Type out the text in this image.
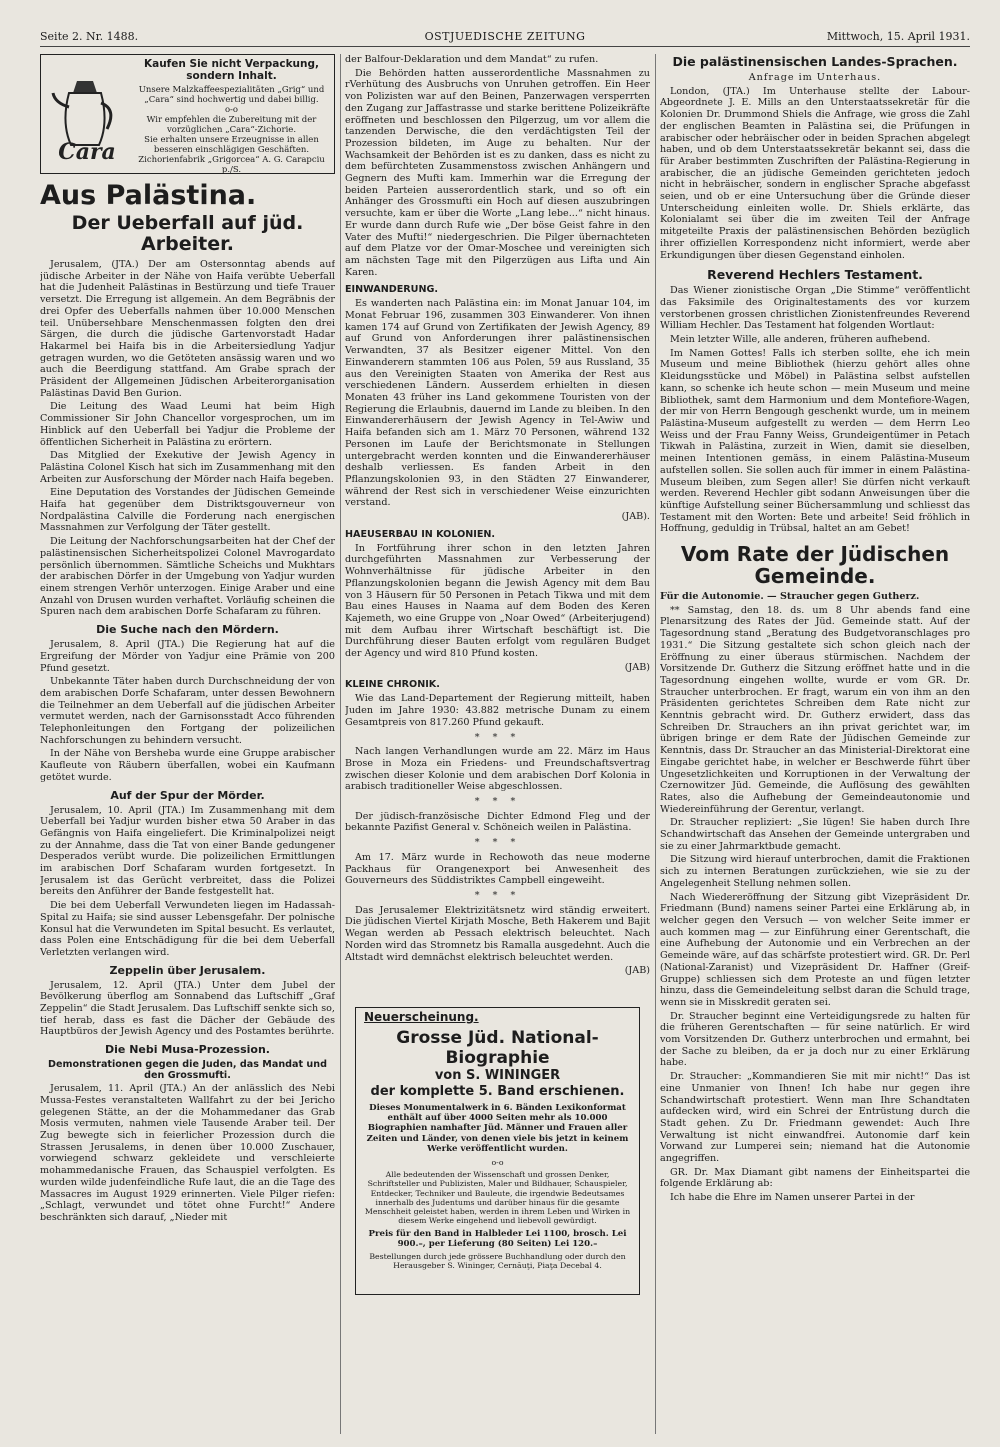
Seite 2. Nr. 1488.	OSTJUEDISCHE ZEITUNG	Mittwoch, 15. April 1931.
Cara
Kaufen Sie nicht Verpackung,
sondern Inhalt.
Unsere Malzkaffeespezialitäten „Grig“ und „Cara“ sind hochwertig und dabei billig.
o-o
Wir empfehlen die Zubereitung mit der vorzüglichen „Cara“-Zichorie.
Sie erhalten unsere Erzeugnisse in allen besseren einschlägigen Geschäften.
Zichorienfabrik „Grigorcea“ A. G. Carapciu p./S.
Aus Palästina.
Der Ueberfall auf jüd. Arbeiter.

Jerusalem, (JTA.) Der am Ostersonntag abends auf jüdische Arbeiter in der Nähe von Haifa verübte Ueberfall hat die Judenheit Palästinas in Bestürzung und tiefe Trauer versetzt. Die Erregung ist allgemein. An dem Begräbnis der drei Opfer des Ueberfalls nahmen über 10.000 Menschen teil. Unübersehbare Menschenmassen folgten den drei Särgen, die durch die jüdische Gartenvorstadt Hadar Hakarmel bei Haifa bis in die Arbeitersiedlung Yadjur getragen wurden, wo die Getöteten ansässig waren und wo auch die Beerdigung stattfand. Am Grabe sprach der Präsident der Allgemeinen Jüdischen Arbeiterorganisation Palästinas David Ben Gurion.

Die Leitung des Waad Leumi hat beim High Commissioner Sir John Chancellor vorgesprochen, um im Hinblick auf den Ueberfall bei Yadjur die Probleme der öffentlichen Sicherheit in Palästina zu erörtern.

Das Mitglied der Exekutive der Jewish Agency in Palästina Colonel Kisch hat sich im Zusammenhang mit den Arbeiten zur Ausforschung der Mörder nach Haifa begeben.

Eine Deputation des Vorstandes der Jüdischen Gemeinde Haifa hat gegenüber dem Distriktsgouverneur von Nordpalästina Calville die Forderung nach energischen Massnahmen zur Verfolgung der Täter gestellt.

Die Leitung der Nachforschungsarbeiten hat der Chef der palästinensischen Sicherheitspolizei Colonel Mavrogardato persönlich übernommen. Sämtliche Scheichs und Mukhtars der arabischen Dörfer in der Umgebung von Yadjur wurden einem strengen Verhör unterzogen. Einige Araber und eine Anzahl von Drusen wurden verhaftet. Vorläufig scheinen die Spuren nach dem arabischen Dorfe Schafaram zu führen.

Die Suche nach den Mördern.

Jerusalem, 8. April (JTA.) Die Regierung hat auf die Ergreifung der Mörder von Yadjur eine Prämie von 200 Pfund gesetzt.

Unbekannte Täter haben durch Durchschneidung der von dem arabischen Dorfe Schafaram, unter dessen Bewohnern die Teilnehmer an dem Ueberfall auf die jüdischen Arbeiter vermutet werden, nach der Garnisonsstadt Acco führenden Telephonleitungen den Fortgang der polizeilichen Nachforschungen zu behindern versucht.

In der Nähe von Bersheba wurde eine Gruppe arabischer Kaufleute von Räubern überfallen, wobei ein Kaufmann getötet wurde.

Auf der Spur der Mörder.

Jerusalem, 10. April (JTA.) Im Zusammenhang mit dem Ueberfall bei Yadjur wurden bisher etwa 50 Araber in das Gefängnis von Haifa eingeliefert. Die Kriminalpolizei neigt zu der Annahme, dass die Tat von einer Bande gedungener Desperados verübt wurde. Die polizeilichen Ermittlungen im arabischen Dorf Schafaram wurden fortgesetzt. In Jerusalem ist das Gerücht verbreitet, dass die Polizei bereits den Anführer der Bande festgestellt hat.

Die bei dem Ueberfall Verwundeten liegen im Hadassah-Spital zu Haifa; sie sind ausser Lebensgefahr. Der polnische Konsul hat die Verwundeten im Spital besucht. Es verlautet, dass Polen eine Entschädigung für die bei dem Ueberfall Verletzten verlangen wird.

Zeppelin über Jerusalem.

Jerusalem, 12. April (JTA.) Unter dem Jubel der Bevölkerung überflog am Sonnabend das Luftschiff „Graf Zeppelin“ die Stadt Jerusalem. Das Luftschiff senkte sich so, tief herab, dass es fast die Dächer der Gebäude des Hauptbüros der Jewish Agency und des Postamtes berührte.

Die Nebi Musa-Prozession.
Demonstrationen gegen die Juden, das Mandat und den Grossmufti.

Jerusalem, 11. April (JTA.) An der anlässlich des Nebi Mussa-Festes veranstalteten Wallfahrt zu der bei Jericho gelegenen Stätte, an der die Mohammedaner das Grab Mosis vermuten, nahmen viele Tausende Araber teil. Der Zug bewegte sich in feierlicher Prozession durch die Strassen Jerusalems, in denen über 10.000 Zuschauer, vorwiegend schwarz gekleidete und verschleierte mohammedanische Frauen, das Schauspiel verfolgten. Es wurden wilde judenfeindliche Rufe laut, die an die Tage des Massacres im August 1929 erinnerten. Viele Pilger riefen: „Schlagt, verwundet und tötet ohne Furcht!“ Andere beschränkten sich darauf, „Nieder mit

der Balfour-Deklaration und dem Mandat“ zu rufen.

Die Behörden hatten ausserordentliche Massnahmen zu rVerhütung des Ausbruchs von Unruhen getroffen. Ein Heer von Polizisten war auf den Beinen, Panzerwagen versperrten den Zugang zur Jaffastrasse und starke berittene Polizeikräfte eröffneten und beschlossen den Pilgerzug, um vor allem die tanzenden Derwische, die den verdächtigsten Teil der Prozession bildeten, im Auge zu behalten. Nur der Wachsamkeit der Behörden ist es zu danken, dass es nicht zu dem befürchteten Zusammenstoss zwischen Anhängern und Gegnern des Mufti kam. Immerhin war die Erregung der beiden Parteien ausserordentlich stark, und so oft ein Anhänger des Grossmufti ein Hoch auf diesen auszubringen versuchte, kam er über die Worte „Lang lebe...“ nicht hinaus. Er wurde dann durch Rufe wie „Der böse Geist fahre in den Vater des Mufti!“ niedergeschrien. Die Pilger übernachteten auf dem Platze vor der Omar-Moschee und vereinigten sich am nächsten Tage mit den Pilgerzügen aus Lifta und Ain Karen.

EINWANDERUNG.

Es wanderten nach Palästina ein: im Monat Januar 104, im Monat Februar 196, zusammen 303 Einwanderer. Von ihnen kamen 174 auf Grund von Zertifikaten der Jewish Agency, 89 auf Grund von Anforderungen ihrer palästinensischen Verwandten, 37 als Besitzer eigener Mittel. Von den Einwanderern stammten 106 aus Polen, 59 aus Russland, 35 aus den Vereinigten Staaten von Amerika der Rest aus verschiedenen Ländern. Ausserdem erhielten in diesen Monaten 43 früher ins Land gekommene Touristen von der Regierung die Erlaubnis, dauernd im Lande zu bleiben. In den Einwandererhäusern der Jewish Agency in Tel-Awiw und Haifa befanden sich am 1. März 70 Personen, während 132 Personen im Laufe der Berichtsmonate in Stellungen untergebracht werden konnten und die Einwandererhäuser deshalb verliessen. Es fanden Arbeit in den Pflanzungskolonien 93, in den Städten 27 Einwanderer, während der Rest sich in verschiedener Weise einzurichten verstand.

(JAB).
HAEUSERBAU IN KOLONIEN.

In Fortführung ihrer schon in den letzten Jahren durchgeführten Massnahmen zur Verbesserung der Wohnverhältnisse für jüdische Arbeiter in den Pflanzungskolonien begann die Jewish Agency mit dem Bau von 3 Häusern für 50 Personen in Petach Tikwa und mit dem Bau eines Hauses in Naama auf dem Boden des Keren Kajemeth, wo eine Gruppe von „Noar Owed“ (Arbeiterjugend) mit dem Aufbau ihrer Wirtschaft beschäftigt ist. Die Durchführung dieser Bauten erfolgt vom regulären Budget der Agency und wird 810 Pfund kosten.

(JAB)
KLEINE CHRONIK.

Wie das Land-Departement der Regierung mitteilt, haben Juden im Jahre 1930: 43.882 metrische Dunam zu einem Gesamtpreis von 817.260 Pfund gekauft.

* * *

Nach langen Verhandlungen wurde am 22. März im Haus Brose in Moza ein Friedens- und Freundschaftsvertrag zwischen dieser Kolonie und dem arabischen Dorf Kolonia in arabisch traditioneller Weise abgeschlossen.

* * *

Der jüdisch-französische Dichter Edmond Fleg und der bekannte Pazifist General v. Schöneich weilen in Palästina.

* * *

Am 17. März wurde in Rechowoth das neue moderne Packhaus für Orangenexport bei Anwesenheit des Gouverneurs des Süddistriktes Campbell eingeweiht.

* * *

Das Jerusalemer Elektrizitätsnetz wird ständig erweitert. Die jüdischen Viertel Kirjath Mosche, Beth Hakerem und Bajit Wegan werden ab Pessach elektrisch beleuchtet. Nach Norden wird das Stromnetz bis Ramalla ausgedehnt. Auch die Altstadt wird demnächst elektrisch beleuchtet werden.

(JAB)
Neuerscheinung.
Grosse Jüd. National-Biographie
von S. WININGER
der komplette 5. Band erschienen.
Dieses Monumentalwerk in 6. Bänden Lexikonformat enthält auf über 4000 Seiten mehr als 10.000 Biographien namhafter Jüd. Männer und Frauen aller Zeiten und Länder, von denen viele bis jetzt in keinem Werke veröffentlicht wurden.
o-o
Alle bedeutenden der Wissenschaft und grossen Denker, Schriftsteller und Publizisten, Maler und Bildhauer, Schauspieler, Entdecker, Techniker und Bauleute, die irgendwie Bedeutsames innerhalb des Judentums und darüber hinaus für die gesamte Menschheit geleistet haben, werden in ihrem Leben und Wirken in diesem Werke eingehend und liebevoll gewürdigt.
Preis für den Band in Halbleder Lei 1100, brosch. Lei 900.–, per Lieferung (80 Seiten) Lei 120.–
Bestellungen durch jede grössere Buchhandlung oder durch den Herausgeber S. Wininger, Cernăuţi, Piaţa Decebal 4.
Die palästinensischen Landes-Sprachen.

Anfrage im Unterhaus.

London, (JTA.) Im Unterhause stellte der Labour-Abgeordnete J. E. Mills an den Unterstaatssekretär für die Kolonien Dr. Drummond Shiels die Anfrage, wie gross die Zahl der englischen Beamten in Palästina sei, die Prüfungen in arabischer oder hebräischer oder in beiden Sprachen abgelegt haben, und ob dem Unterstaatssekretär bekannt sei, dass die für Araber bestimmten Zuschriften der Palästina-Regierung in arabischer, die an jüdische Gemeinden gerichteten jedoch nicht in hebräischer, sondern in englischer Sprache abgefasst seien, und ob er eine Untersuchung über die Gründe dieser Unterscheidung einleiten wolle. Dr. Shiels erklärte, das Kolonialamt sei über die im zweiten Teil der Anfrage mitgeteilte Praxis der palästinensischen Behörden bezüglich ihrer offiziellen Korrespondenz nicht informiert, werde aber Erkundigungen über diesen Gegenstand einholen.

Reverend Hechlers Testament.

Das Wiener zionistische Organ „Die Stimme“ veröffentlicht das Faksimile des Originaltestaments des vor kurzem verstorbenen grossen christlichen Zionistenfreundes Reverend William Hechler. Das Testament hat folgenden Wortlaut:

Mein letzter Wille, alle anderen, früheren aufhebend.

Im Namen Gottes! Falls ich sterben sollte, ehe ich mein Museum und meine Bibliothek (hierzu gehört alles ohne Kleidungsstücke und Möbel) in Palästina selbst aufstellen kann, so schenke ich heute schon — mein Museum und meine Bibliothek, samt dem Harmonium und dem Montefiore-Wagen, der mir von Herrn Bengough geschenkt wurde, um in meinem Palästina-Museum aufgestellt zu werden — dem Herrn Leo Weiss und der Frau Fanny Weiss, Grundeigentümer in Petach Tikwah in Palästina, zurzeit in Wien, damit sie dieselben, meinen Intentionen gemäss, in einem Palästina-Museum aufstellen sollen. Sie sollen auch für immer in einem Palästina-Museum bleiben, zum Segen aller! Sie dürfen nicht verkauft werden. Reverend Hechler gibt sodann Anweisungen über die künftige Aufstellung seiner Büchersammlung und schliesst das Testament mit den Worten: Bete und arbeite! Seid fröhlich in Hoffnung, geduldig in Trübsal, haltet an am Gebet!

Vom Rate der Jüdischen Gemeinde.

Für die Autonomie. — Straucher gegen Gutherz.

** Samstag, den 18. ds. um 8 Uhr abends fand eine Plenarsitzung des Rates der Jüd. Gemeinde statt. Auf der Tagesordnung stand „Beratung des Budgetvoranschlages pro 1931.“ Die Sitzung gestaltete sich schon gleich nach der Eröffnung zu einer überaus stürmischen. Nachdem der Vorsitzende Dr. Gutherz die Sitzung eröffnet hatte und in die Tagesordnung eingehen wollte, wurde er vom GR. Dr. Straucher unterbrochen. Er fragt, warum ein von ihm an den Präsidenten gerichtetes Schreiben dem Rate nicht zur Kenntnis gebracht wird. Dr. Gutherz erwidert, dass das Schreiben Dr. Strauchers an ihn privat gerichtet war, im übrigen bringe er dem Rate der Jüdischen Gemeinde zur Kenntnis, dass Dr. Straucher an das Ministerial-Direktorat eine Eingabe gerichtet habe, in welcher er Beschwerde führt über Ungesetzlichkeiten und Korruptionen in der Verwaltung der Czernowitzer Jüd. Gemeinde, die Auflösung des gewählten Rates, also die Aufhebung der Gemeindeautonomie und Wiedereinführung der Gerentur, verlangt.

Dr. Straucher repliziert: „Sie lügen! Sie haben durch Ihre Schandwirtschaft das Ansehen der Gemeinde untergraben und sie zu einer Jahrmarktbude gemacht.

Die Sitzung wird hierauf unterbrochen, damit die Fraktionen sich zu internen Beratungen zurückziehen, wie sie zu der Angelegenheit Stellung nehmen sollen.

Nach Wiedereröffnung der Sitzung gibt Vizepräsident Dr. Friedmann (Bund) namens seiner Partei eine Erklärung ab, in welcher gegen den Versuch — von welcher Seite immer er auch kommen mag — zur Einführung einer Gerentschaft, die eine Aufhebung der Autonomie und ein Verbrechen an der Gemeinde wäre, auf das schärfste protestiert wird. GR. Dr. Perl (National-Zaranist) und Vizepräsident Dr. Haffner (Greif-Gruppe) schliessen sich dem Proteste an und fügen letzter hinzu, dass die Gemeindeleitung selbst daran die Schuld trage, wenn sie in Misskredit geraten sei.

Dr. Straucher beginnt eine Verteidigungsrede zu halten für die früheren Gerentschaften — für seine natürlich. Er wird vom Vorsitzenden Dr. Gutherz unterbrochen und ermahnt, bei der Sache zu bleiben, da er ja doch nur zu einer Erklärung habe.

Dr. Straucher: „Kommandieren Sie mit mir nicht!“ Das ist eine Unmanier von Ihnen! Ich habe nur gegen ihre Schandwirtschaft protestiert. Wenn man Ihre Schandtaten aufdecken wird, wird ein Schrei der Entrüstung durch die Stadt gehen. Zu Dr. Friedmann gewendet: Auch Ihre Verwaltung ist nicht einwandfrei. Autonomie darf kein Vorwand zur Lumperei sein; niemand hat die Autonomie angegriffen.

GR. Dr. Max Diamant gibt namens der Einheitspartei die folgende Erklärung ab:

Ich habe die Ehre im Namen unserer Partei in der
